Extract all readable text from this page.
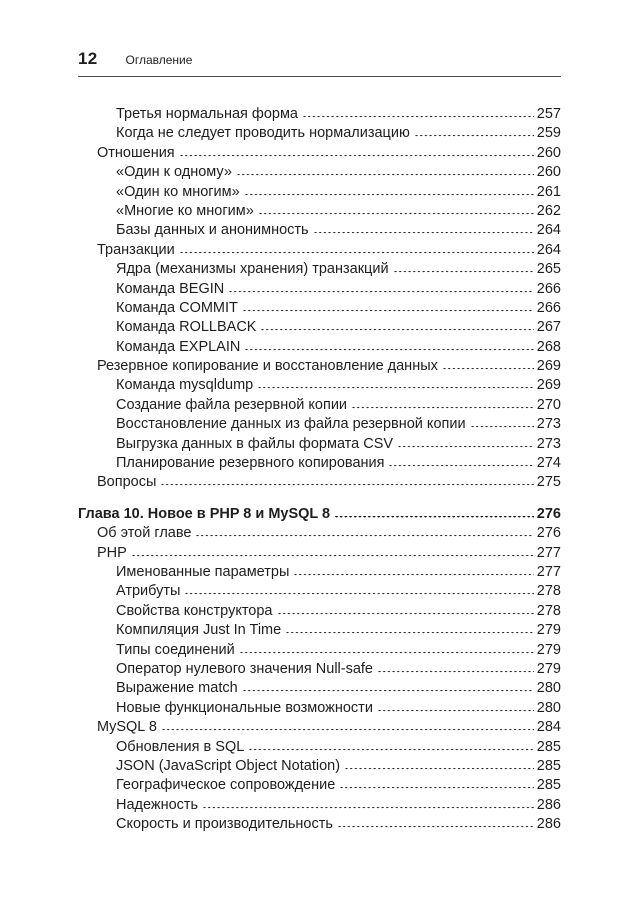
12 Оглавление
Третья нормальная форма	257
Когда не следует проводить нормализацию	259
Отношения	260
«Один к одному»	260
«Один ко многим»	261
«Многие ко многим»	262
Базы данных и анонимность	264
Транзакции	264
Ядра (механизмы хранения) транзакций	265
Команда BEGIN	266
Команда COMMIT	266
Команда ROLLBACK	267
Команда EXPLAIN	268
Резервное копирование и восстановление данных	269
Команда mysqldump	269
Создание файла резервной копии	270
Восстановление данных из файла резервной копии	273
Выгрузка данных в файлы формата CSV	273
Планирование резервного копирования	274
Вопросы	275
Глава 10. Новое в PHP 8 и MySQL 8	276
Об этой главе	276
PHP	277
Именованные параметры	277
Атрибуты	278
Свойства конструктора	278
Компиляция Just In Time	279
Типы соединений	279
Оператор нулевого значения Null-safe	279
Выражение match	280
Новые функциональные возможности	280
MySQL 8	284
Обновления в SQL	285
JSON (JavaScript Object Notation)	285
Географическое сопровождение	285
Надежность	286
Скорость и производительность	286
